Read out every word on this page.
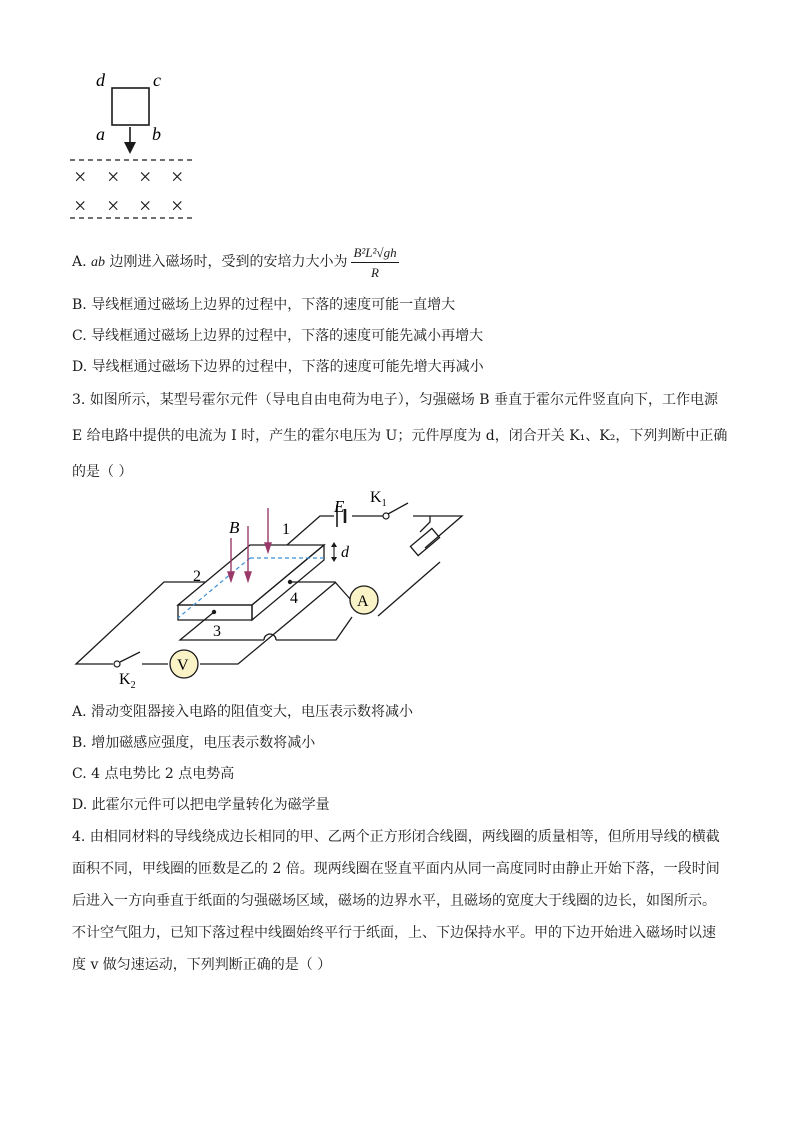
d	c
a	b
× × × ×
× × × ×
A. ab 边刚进入磁场时，受到的安培力大小为 $\frac{\text{B²L²√gh}}{R}$
B. 导线框通过磁场上边界的过程中，下落的速度可能一直增大
C. 导线框通过磁场上边界的过程中，下落的速度可能先减小再增大
D. 导线框通过磁场下边界的过程中，下落的速度可能先增大再减小
3. 如图所示，某型号霍尔元件（导电自由电荷为电子），匀强磁场 B 垂直于霍尔元件竖直向下，工作电源
E 给电路中提供的电流为 I 时，产生的霍尔电压为 U；元件厚度为 d，闭合开关 K₁、K₂，下列判断中正确
的是（ ）
E $K_1$
B
d
1
2
3
4	A
$K_2$
V
A. 滑动变阻器接入电路的阻值变大，电压表示数将减小
B. 增加磁感应强度，电压表示数将减小
C. 4 点电势比 2 点电势高
D. 此霍尔元件可以把电学量转化为磁学量
4. 由相同材料的导线绕成边长相同的甲、乙两个正方形闭合线圈，两线圈的质量相等，但所用导线的横截
面积不同，甲线圈的匝数是乙的 2 倍。现两线圈在竖直平面内从同一高度同时由静止开始下落，一段时间
后进入一方向垂直于纸面的匀强磁场区域，磁场的边界水平，且磁场的宽度大于线圈的边长，如图所示。
不计空气阻力，已知下落过程中线圈始终平行于纸面，上、下边保持水平。甲的下边开始进入磁场时以速
度 v 做匀速运动，下列判断正确的是（ ）
